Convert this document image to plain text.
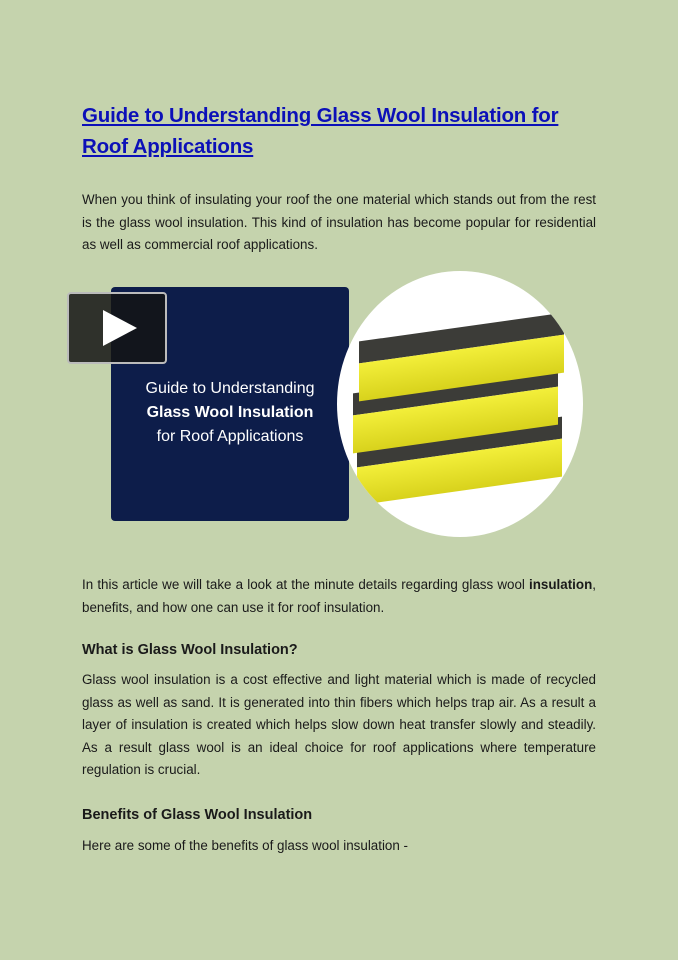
Guide to Understanding Glass Wool Insulation for Roof Applications

When you think of insulating your roof the one material which stands out from the rest is the glass wool insulation. This kind of insulation has become popular for residential as well as commercial roof applications.

Guide to Understanding
Glass Wool Insulation
for Roof Applications

In this article we will take a look at the minute details regarding glass wool insulation, benefits, and how one can use it for roof insulation.

What is Glass Wool Insulation?

Glass wool insulation is a cost effective and light material which is made of recycled glass as well as sand. It is generated into thin fibers which helps trap air. As a result a layer of insulation is created which helps slow down heat transfer slowly and steadily. As a result glass wool is an ideal choice for roof applications where temperature regulation is crucial.

Benefits of Glass Wool Insulation

Here are some of the benefits of glass wool insulation -
